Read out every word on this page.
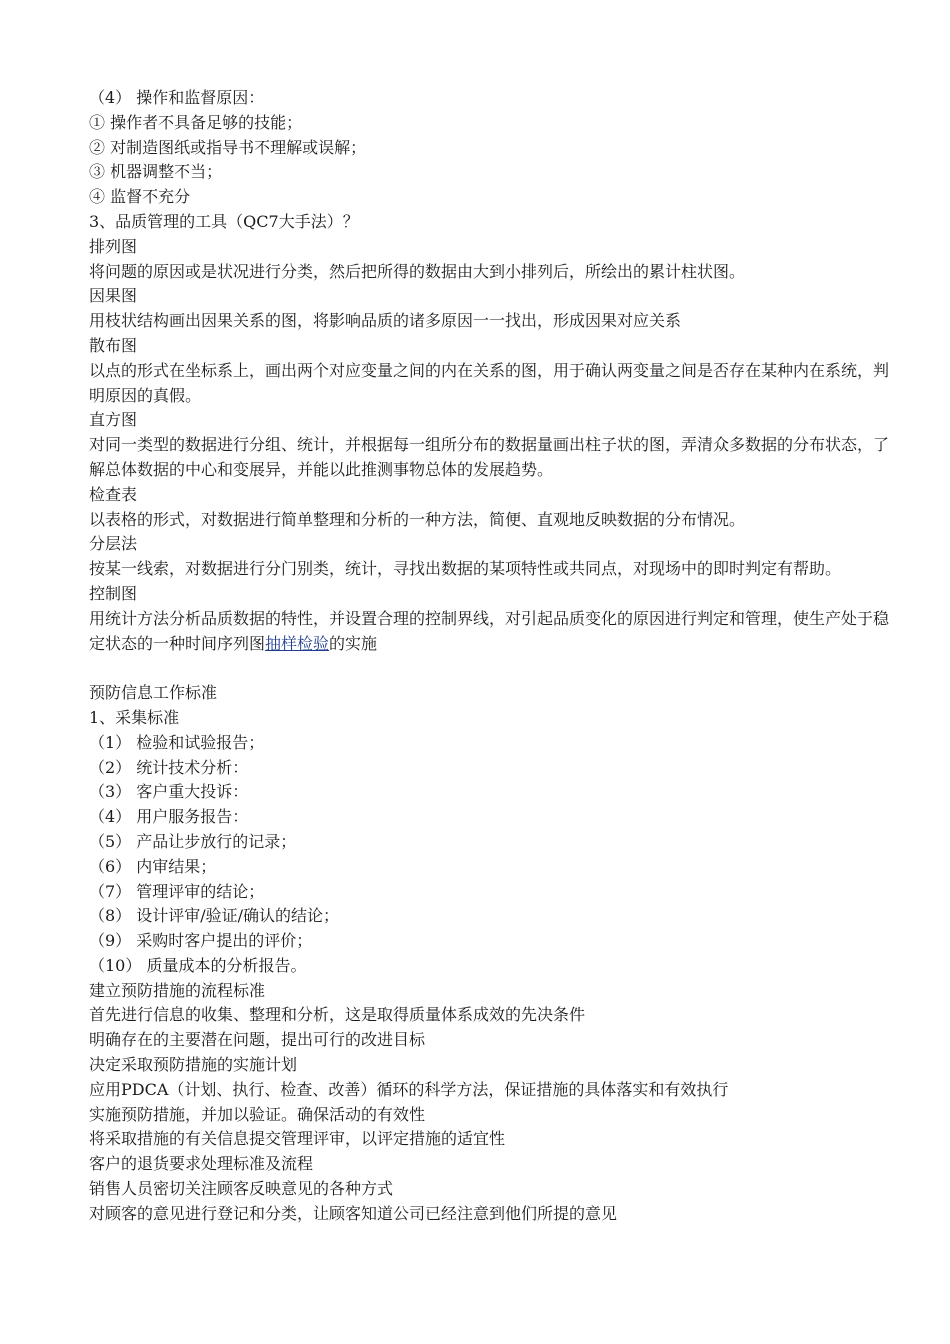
（4） 操作和监督原因：
① 操作者不具备足够的技能；
② 对制造图纸或指导书不理解或误解；
③ 机器调整不当；
④ 监督不充分
3、品质管理的工具（QC7大手法）？
排列图
将问题的原因或是状况进行分类，然后把所得的数据由大到小排列后，所绘出的累计柱状图。
因果图
用枝状结构画出因果关系的图，将影响品质的诸多原因一一找出，形成因果对应关系
散布图
以点的形式在坐标系上，画出两个对应变量之间的内在关系的图，用于确认两变量之间是否存在某种内在系统，判明原因的真假。
直方图
对同一类型的数据进行分组、统计，并根据每一组所分布的数据量画出柱子状的图，弄清众多数据的分布状态，了解总体数据的中心和变展异，并能以此推测事物总体的发展趋势。
检查表
以表格的形式，对数据进行简单整理和分析的一种方法，简便、直观地反映数据的分布情况。
分层法
按某一线索，对数据进行分门别类，统计，寻找出数据的某项特性或共同点，对现场中的即时判定有帮助。
控制图
用统计方法分析品质数据的特性，并设置合理的控制界线，对引起品质变化的原因进行判定和管理，使生产处于稳定状态的一种时间序列图抽样检验的实施
预防信息工作标准
1、采集标准
（1） 检验和试验报告；
（2） 统计技术分析：
（3） 客户重大投诉：
（4） 用户服务报告：
（5） 产品让步放行的记录；
（6） 内审结果；
（7） 管理评审的结论；
（8） 设计评审/验证/确认的结论；
（9） 采购时客户提出的评价；
（10） 质量成本的分析报告。
建立预防措施的流程标准
首先进行信息的收集、整理和分析，这是取得质量体系成效的先决条件
明确存在的主要潜在问题，提出可行的改进目标
决定采取预防措施的实施计划
应用PDCA（计划、执行、检查、改善）循环的科学方法，保证措施的具体落实和有效执行
实施预防措施，并加以验证。确保活动的有效性
将采取措施的有关信息提交管理评审，以评定措施的适宜性
客户的退货要求处理标准及流程
销售人员密切关注顾客反映意见的各种方式
对顾客的意见进行登记和分类，让顾客知道公司已经注意到他们所提的意见
